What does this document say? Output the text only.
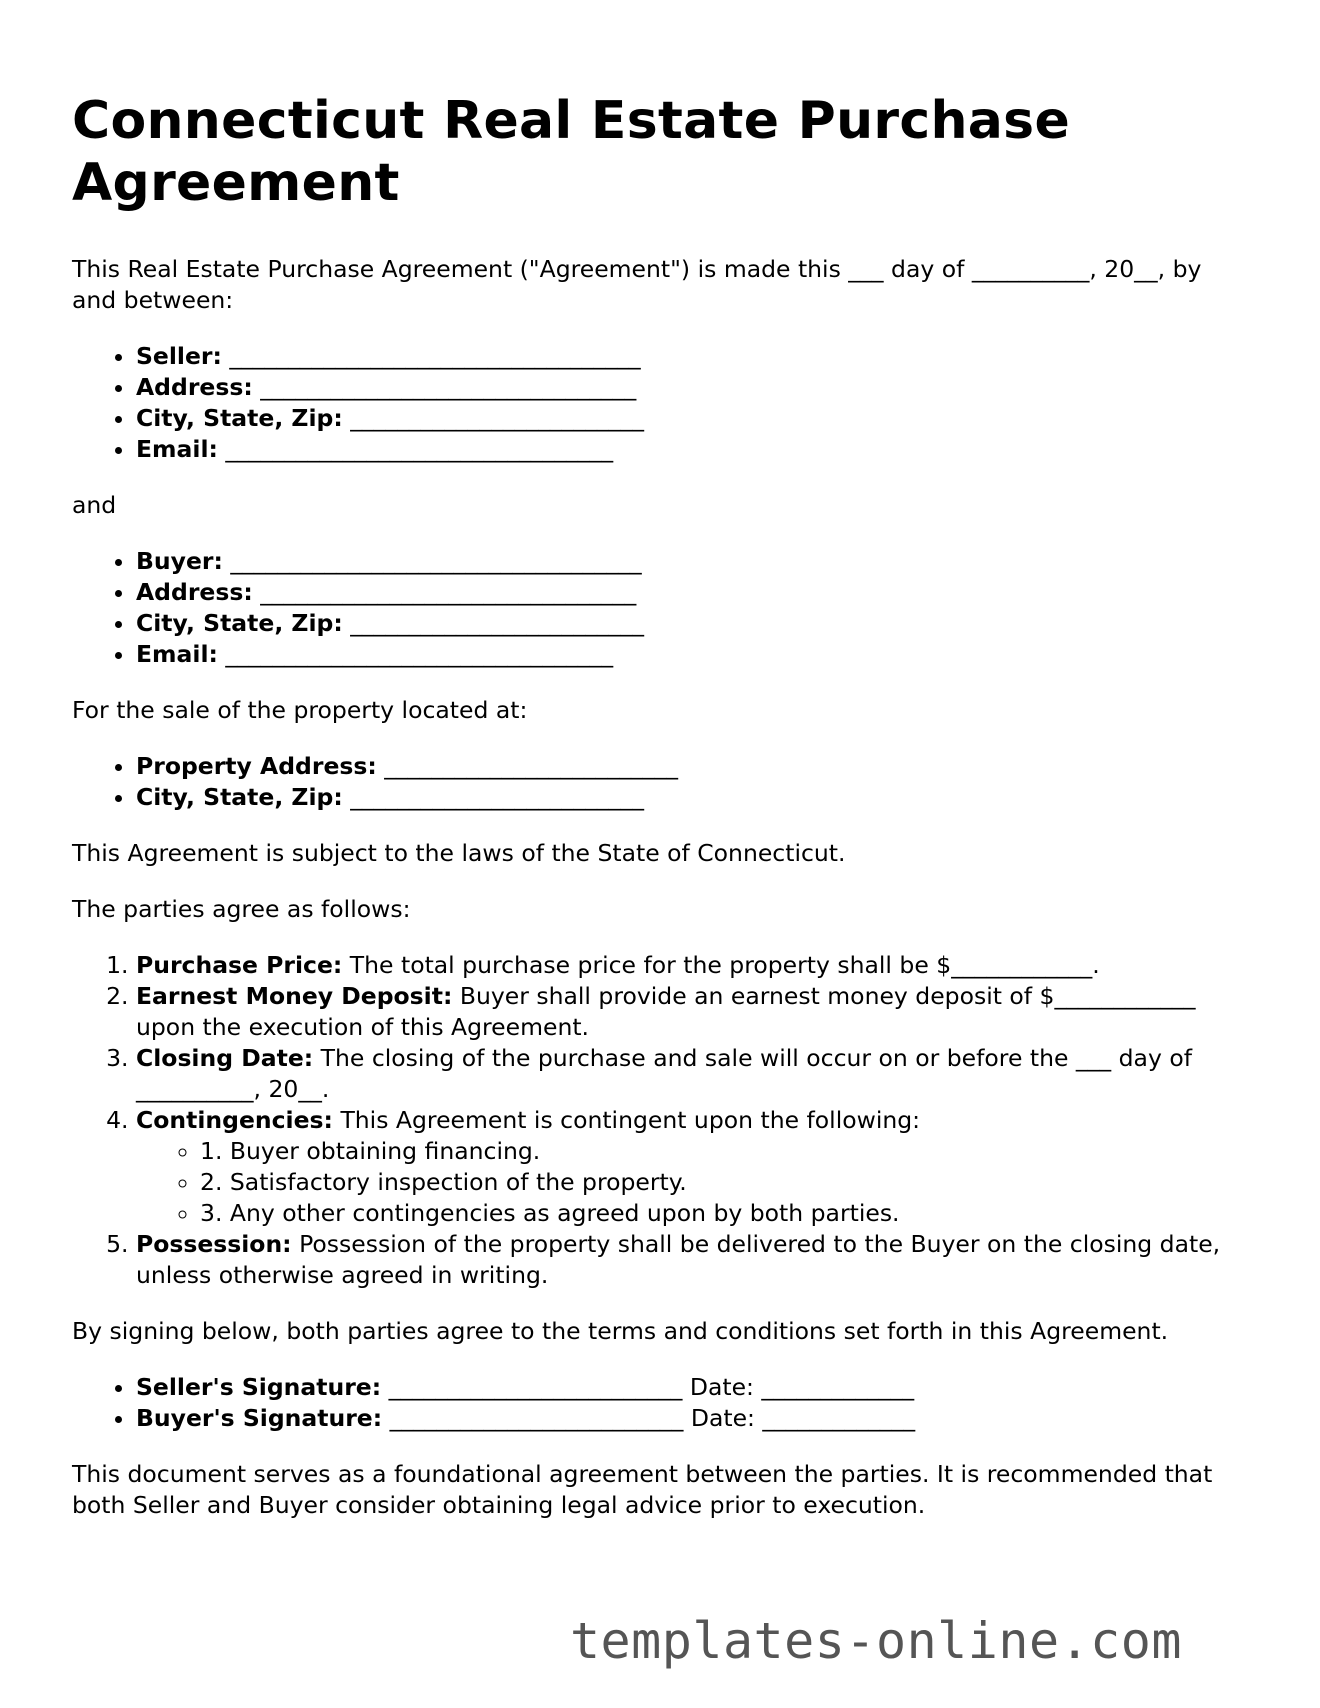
Connecticut Real Estate Purchase Agreement

This Real Estate Purchase Agreement ("Agreement") is made this ___ day of __________, 20__, by and between:

• Seller: ___________________________________
• Address: ________________________________
• City, State, Zip: _________________________
• Email: _________________________________

and

• Buyer: ___________________________________
• Address: ________________________________
• City, State, Zip: _________________________
• Email: _________________________________

For the sale of the property located at:

• Property Address: _________________________
• City, State, Zip: _________________________

This Agreement is subject to the laws of the State of Connecticut.

The parties agree as follows:

1. Purchase Price: The total purchase price for the property shall be $____________.
2. Earnest Money Deposit: Buyer shall provide an earnest money deposit of $____________ upon the execution of this Agreement.
3. Closing Date: The closing of the purchase and sale will occur on or before the ___ day of __________, 20__.
4. Contingencies: This Agreement is contingent upon the following:
◦ 1. Buyer obtaining financing.
◦ 2. Satisfactory inspection of the property.
◦ 3. Any other contingencies as agreed upon by both parties.
5. Possession: Possession of the property shall be delivered to the Buyer on the closing date, unless otherwise agreed in writing.

By signing below, both parties agree to the terms and conditions set forth in this Agreement.

• Seller's Signature: _________________________ Date: _____________
• Buyer's Signature: _________________________ Date: _____________

This document serves as a foundational agreement between the parties. It is recommended that both Seller and Buyer consider obtaining legal advice prior to execution.

templates-online.com
